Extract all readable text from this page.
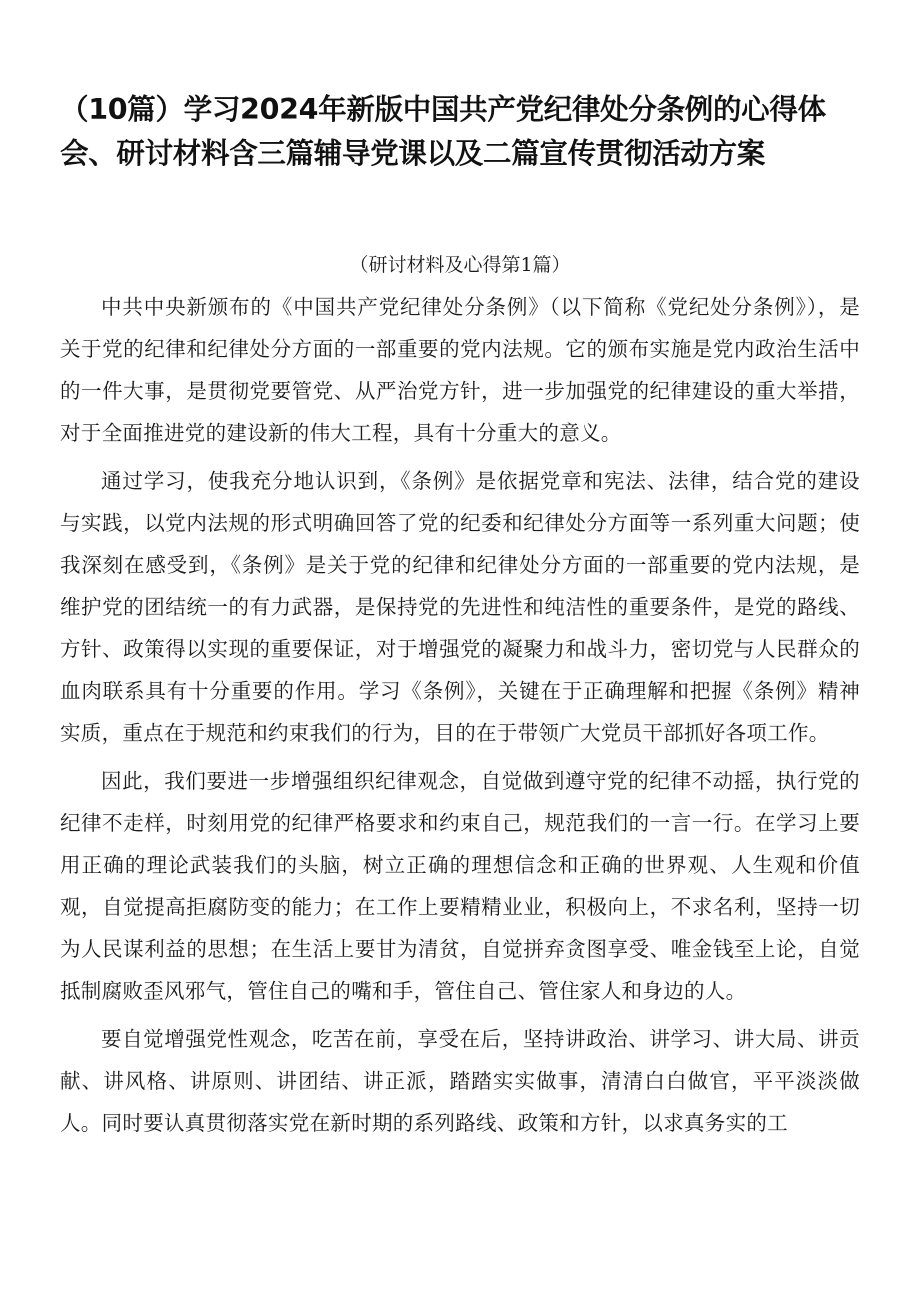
（10篇）学习2024年新版中国共产党纪律处分条例的心得体会、研讨材料含三篇辅导党课以及二篇宣传贯彻活动方案
（研讨材料及心得第1篇）

中共中央新颁布的《中国共产党纪律处分条例》（以下简称《党纪处分条例》），是关于党的纪律和纪律处分方面的一部重要的党内法规。它的颁布实施是党内政治生活中的一件大事，是贯彻党要管党、从严治党方针，进一步加强党的纪律建设的重大举措，对于全面推进党的建设新的伟大工程，具有十分重大的意义。

通过学习，使我充分地认识到，《条例》是依据党章和宪法、法律，结合党的建设与实践，以党内法规的形式明确回答了党的纪委和纪律处分方面等一系列重大问题；使我深刻在感受到，《条例》是关于党的纪律和纪律处分方面的一部重要的党内法规，是维护党的团结统一的有力武器，是保持党的先进性和纯洁性的重要条件，是党的路线、方针、政策得以实现的重要保证，对于增强党的凝聚力和战斗力，密切党与人民群众的血肉联系具有十分重要的作用。学习《条例》，关键在于正确理解和把握《条例》精神实质，重点在于规范和约束我们的行为，目的在于带领广大党员干部抓好各项工作。

因此，我们要进一步增强组织纪律观念，自觉做到遵守党的纪律不动摇，执行党的纪律不走样，时刻用党的纪律严格要求和约束自己，规范我们的一言一行。在学习上要用正确的理论武装我们的头脑，树立正确的理想信念和正确的世界观、人生观和价值观，自觉提高拒腐防变的能力；在工作上要精精业业，积极向上，不求名利，坚持一切为人民谋利益的思想；在生活上要甘为清贫，自觉拼弃贪图享受、唯金钱至上论，自觉抵制腐败歪风邪气，管住自己的嘴和手，管住自己、管住家人和身边的人。

要自觉增强党性观念，吃苦在前，享受在后，坚持讲政治、讲学习、讲大局、讲贡献、讲风格、讲原则、讲团结、讲正派，踏踏实实做事，清清白白做官，平平淡淡做人。同时要认真贯彻落实党在新时期的系列路线、政策和方针，以求真务实的工
